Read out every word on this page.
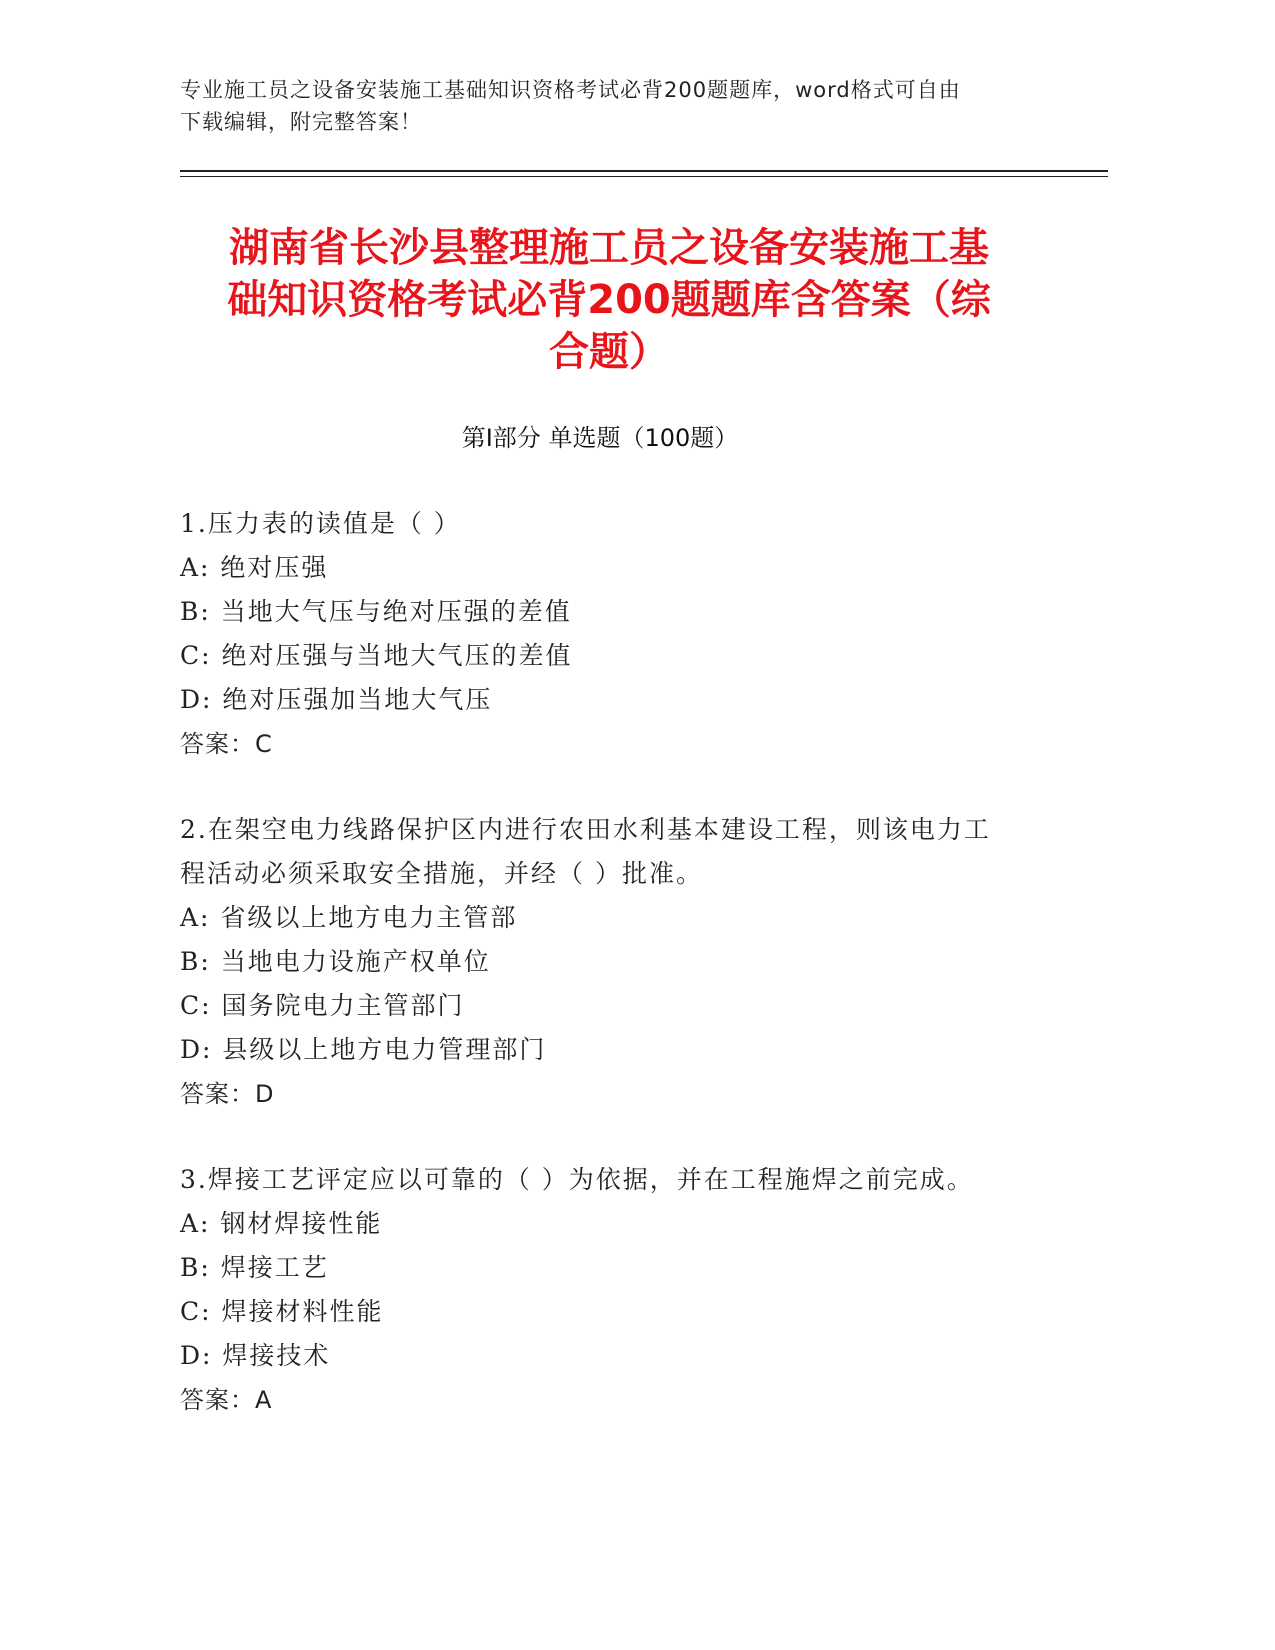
专业施工员之设备安装施工基础知识资格考试必背200题题库，word格式可自由
下载编辑，附完整答案！
湖南省长沙县整理施工员之设备安装施工基
础知识资格考试必背200题题库含答案（综
合题）
第Ⅰ部分 单选题（100题）
1.压力表的读值是（ ）
A: 绝对压强
B: 当地大气压与绝对压强的差值
C: 绝对压强与当地大气压的差值
D: 绝对压强加当地大气压
答案：C
2.在架空电力线路保护区内进行农田水利基本建设工程，则该电力工
程活动必须采取安全措施，并经（ ）批准。
A: 省级以上地方电力主管部
B: 当地电力设施产权单位
C: 国务院电力主管部门
D: 县级以上地方电力管理部门
答案：D
3.焊接工艺评定应以可靠的（ ）为依据，并在工程施焊之前完成。
A: 钢材焊接性能
B: 焊接工艺
C: 焊接材料性能
D: 焊接技术
答案：A
